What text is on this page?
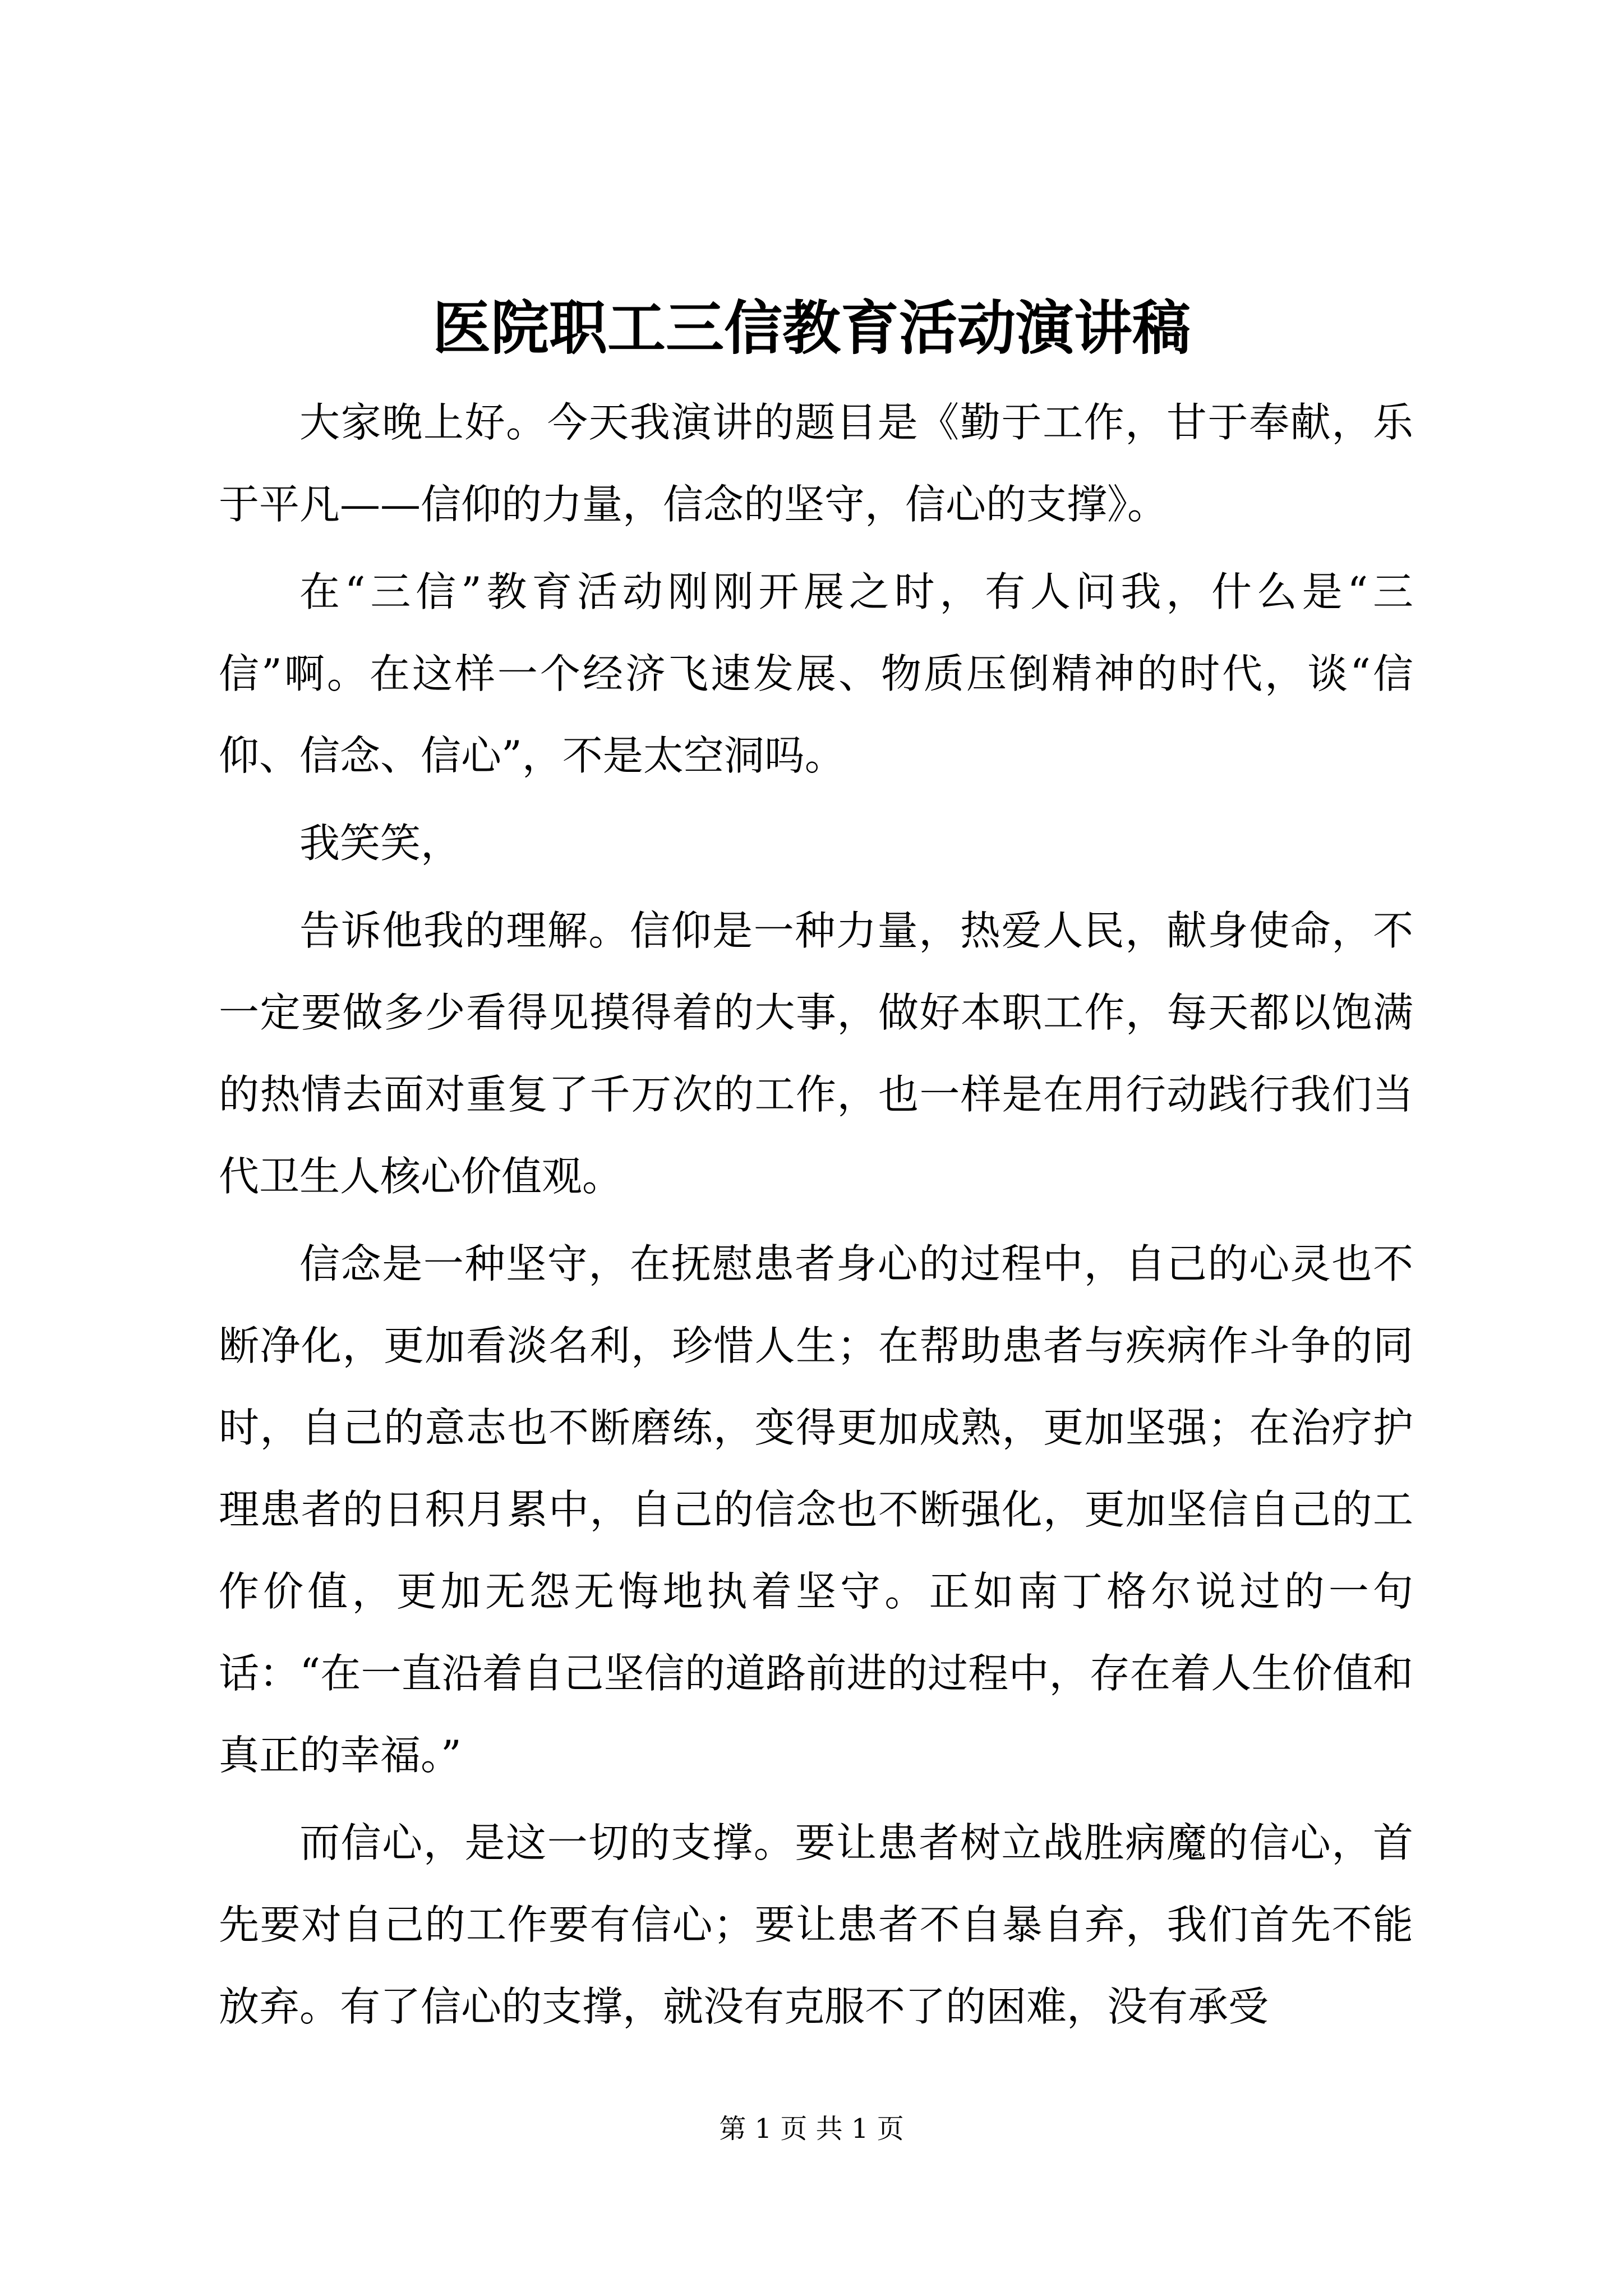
医院职工三信教育活动演讲稿

大家晚上好。今天我演讲的题目是《勤于工作，甘于奉献，乐于平凡——信仰的力量，信念的坚守，信心的支撑》。

在“三信”教育活动刚刚开展之时，有人问我，什么是“三信”啊。在这样一个经济飞速发展、物质压倒精神的时代，谈“信仰、信念、信心”，不是太空洞吗。

我笑笑，

告诉他我的理解。信仰是一种力量，热爱人民，献身使命，不一定要做多少看得见摸得着的大事，做好本职工作，每天都以饱满的热情去面对重复了千万次的工作，也一样是在用行动践行我们当代卫生人核心价值观。

信念是一种坚守，在抚慰患者身心的过程中，自己的心灵也不断净化，更加看淡名利，珍惜人生；在帮助患者与疾病作斗争的同时，自己的意志也不断磨练，变得更加成熟，更加坚强；在治疗护理患者的日积月累中，自己的信念也不断强化，更加坚信自己的工作价值，更加无怨无悔地执着坚守。正如南丁格尔说过的一句话：“在一直沿着自己坚信的道路前进的过程中，存在着人生价值和真正的幸福。”

而信心，是这一切的支撑。要让患者树立战胜病魔的信心，首先要对自己的工作要有信心；要让患者不自暴自弃，我们首先不能放弃。有了信心的支撑，就没有克服不了的困难，没有承受

第 1 页 共 1 页
